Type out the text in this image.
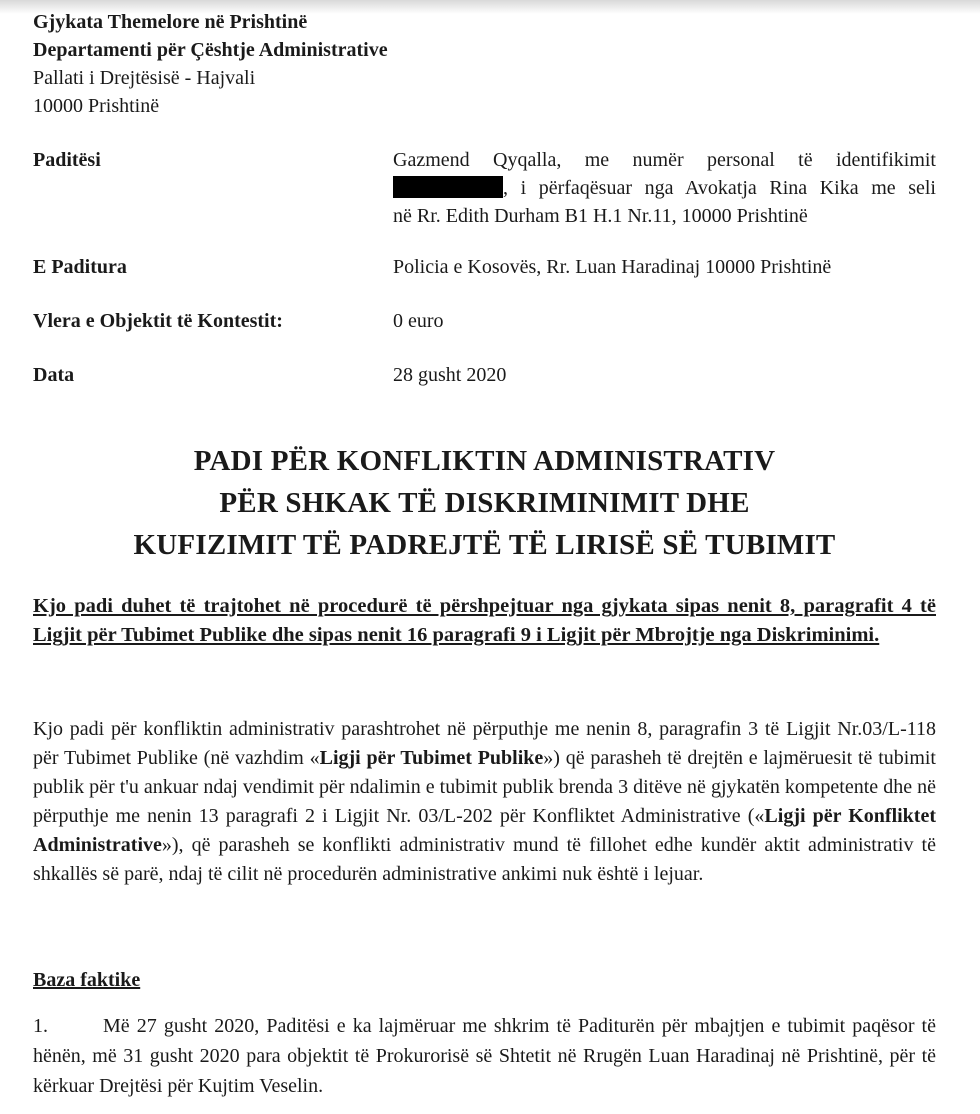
Gjykata Themelore në Prishtinë
Departamenti për Çështje Administrative
Pallati i Drejtësisë - Hajvali
10000 Prishtinë
Paditësi	Gazmend Qyqalla, me numër personal të identifikimit
, i përfaqësuar nga Avokatja Rina Kika me seli
në Rr. Edith Durham B1 H.1 Nr.11, 10000 Prishtinë
E Paditura	Policia e Kosovës, Rr. Luan Haradinaj 10000 Prishtinë
Vlera e Objektit të Kontestit:	0 euro
Data	28 gusht 2020
PADI PËR KONFLIKTIN ADMINISTRATIV
PËR SHKAK TË DISKRIMINIMIT DHE
KUFIZIMIT TË PADREJTË TË LIRISË SË TUBIMIT
Kjo padi duhet të trajtohet në procedurë të përshpejtuar nga gjykata sipas nenit 8, paragrafit 4 të Ligjit për Tubimet Publike dhe sipas nenit 16 paragrafi 9 i Ligjit për Mbrojtje nga Diskriminimi.
Kjo padi për konfliktin administrativ parashtrohet në përputhje me nenin 8, paragrafin 3 të Ligjit Nr.03/L-118 për Tubimet Publike (në vazhdim «Ligji për Tubimet Publike») që parasheh të drejtën e lajmëruesit të tubimit publik për t'u ankuar ndaj vendimit për ndalimin e tubimit publik brenda 3 ditëve në gjykatën kompetente dhe në përputhje me nenin 13 paragrafi 2 i Ligjit Nr. 03/L-202 për Konfliktet Administrative («Ligji për Konfliktet Administrative»), që parasheh se konflikti administrativ mund të fillohet edhe kundër aktit administrativ të shkallës së parë, ndaj të cilit në procedurën administrative ankimi nuk është i lejuar.
Baza faktike
1.	Më 27 gusht 2020, Paditësi e ka lajmëruar me shkrim të Paditurën për mbajtjen e tubimit paqësor të hënën, më 31 gusht 2020 para objektit të Prokurorisë së Shtetit në Rrugën Luan Haradinaj në Prishtinë, për të kërkuar Drejtësi për Kujtim Veselin.
